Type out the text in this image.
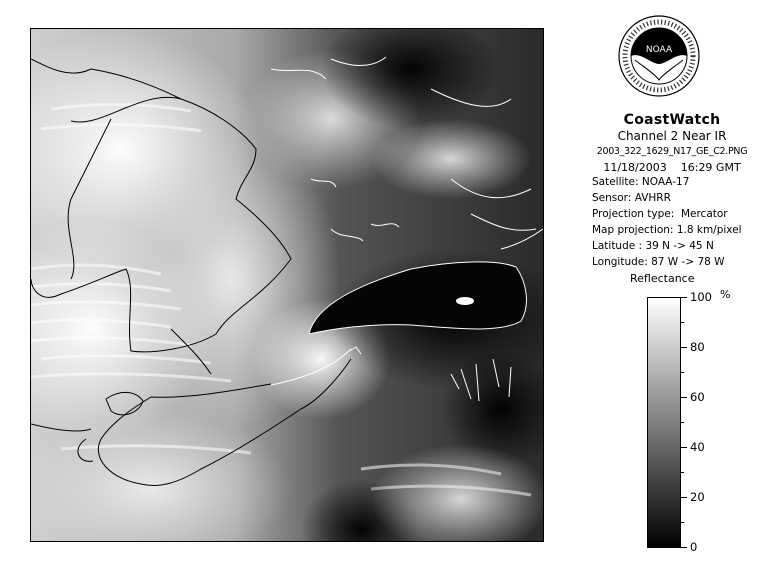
NOAA
CoastWatch
Channel 2 Near IR
2003_322_1629_N17_GE_C2.PNG
11/18/2003 16:29 GMT
Satellite: NOAA-17
Sensor: AVHRR
Projection type: Mercator
Map projection: 1.8 km/pixel
Latitude : 39 N -> 45 N
Longitude: 87 W -> 78 W
Reflectance
%
100
80
60
40
20
0
